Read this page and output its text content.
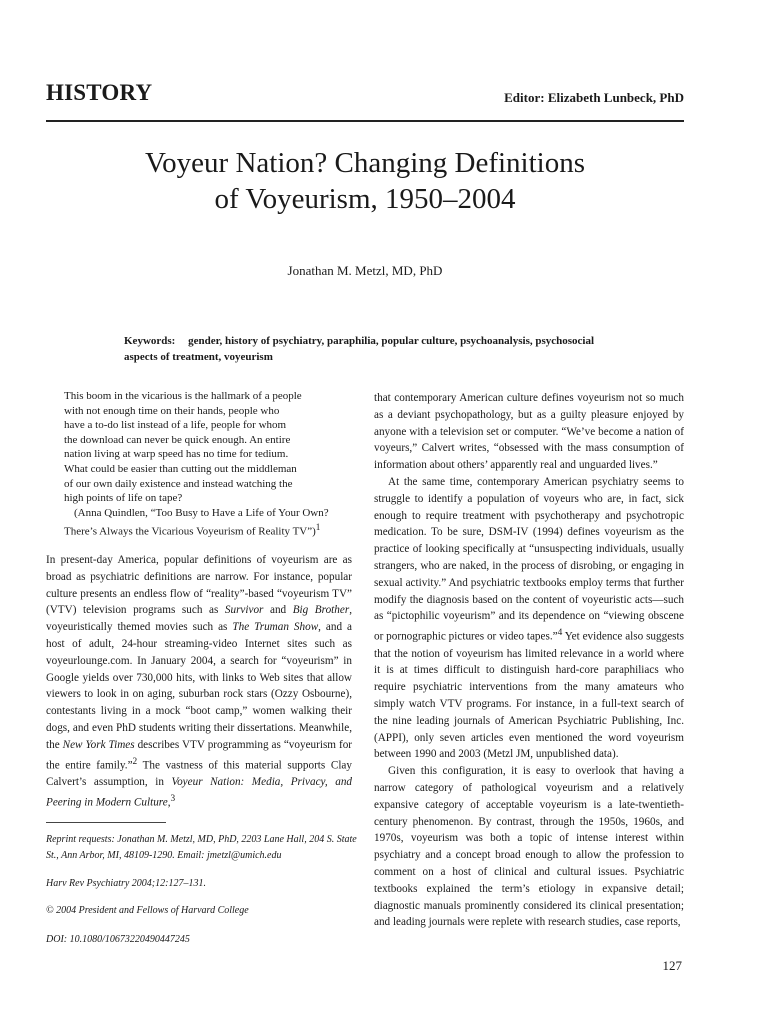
HISTORY	Editor: Elizabeth Lunbeck, PhD
Voyeur Nation? Changing Definitions
of Voyeurism, 1950–2004
Jonathan M. Metzl, MD, PhD
Keywords: gender, history of psychiatry, paraphilia, popular culture, psychoanalysis, psychosocial aspects of treatment, voyeurism

This boom in the vicarious is the hallmark of a people

with not enough time on their hands, people who

have a to-do list instead of a life, people for whom

the download can never be quick enough. An entire

nation living at warp speed has no time for tedium.

What could be easier than cutting out the middleman

of our own daily existence and instead watching the

high points of life on tape?

(Anna Quindlen, “Too Busy to Have a Life of Your Own? There’s Always the Vicarious Voyeurism of Reality TV”)$^1$

In present-day America, popular definitions of voyeurism are as broad as psychiatric definitions are narrow. For instance, popular culture presents an endless flow of “reality”-based “voyeurism TV” (VTV) television programs such as Survivor and Big Brother, voyeuristically themed movies such as The Truman Show, and a host of adult, 24-hour streaming-video Internet sites such as voyeurlounge.com. In January 2004, a search for “voyeurism” in Google yields over 730,000 hits, with links to Web sites that allow viewers to look in on aging, suburban rock stars (Ozzy Osbourne), contestants living in a mock “boot camp,” women walking their dogs, and even PhD students writing their dissertations. Meanwhile, the New York Times describes VTV programming as “voyeurism for the entire family.”$^2$ The vastness of this material supports Clay Calvert’s assumption, in Voyeur Nation: Media, Privacy, and Peering in Modern Culture,$^3$

Reprint requests: Jonathan M. Metzl, MD, PhD, 2203 Lane Hall, 204 S. State St., Ann Arbor, MI, 48109-1290. Email: jmetzl@umich.edu
Harv Rev Psychiatry 2004;12:127–131.
© 2004 President and Fellows of Harvard College
DOI: 10.1080/10673220490447245

that contemporary American culture defines voyeurism not so much as a deviant psychopathology, but as a guilty pleasure enjoyed by anyone with a television set or computer. “We’ve become a nation of voyeurs,” Calvert writes, “obsessed with the mass consumption of information about others’ apparently real and unguarded lives.”

At the same time, contemporary American psychiatry seems to struggle to identify a population of voyeurs who are, in fact, sick enough to require treatment with psychotherapy and psychotropic medication. To be sure, DSM-IV (1994) defines voyeurism as the practice of looking specifically at “unsuspecting individuals, usually strangers, who are naked, in the process of disrobing, or engaging in sexual activity.” And psychiatric textbooks employ terms that further modify the diagnosis based on the content of voyeuristic acts—such as “pictophilic voyeurism” and its dependence on “viewing obscene or pornographic pictures or video tapes.”$^4$ Yet evidence also suggests that the notion of voyeurism has limited relevance in a world where it is at times difficult to distinguish hard-core paraphiliacs who require psychiatric interventions from the many amateurs who simply watch VTV programs. For instance, in a full-text search of the nine leading journals of American Psychiatric Publishing, Inc. (APPI), only seven articles even mentioned the word voyeurism between 1990 and 2003 (Metzl JM, unpublished data).

Given this configuration, it is easy to overlook that having a narrow category of pathological voyeurism and a relatively expansive category of acceptable voyeurism is a late-twentieth-century phenomenon. By contrast, through the 1950s, 1960s, and 1970s, voyeurism was both a topic of intense interest within psychiatry and a concept broad enough to allow the profession to comment on a host of clinical and cultural issues. Psychiatric textbooks explained the term’s etiology in expansive detail; diagnostic manuals prominently considered its clinical presentation; and leading journals were replete with research studies, case reports,

127
